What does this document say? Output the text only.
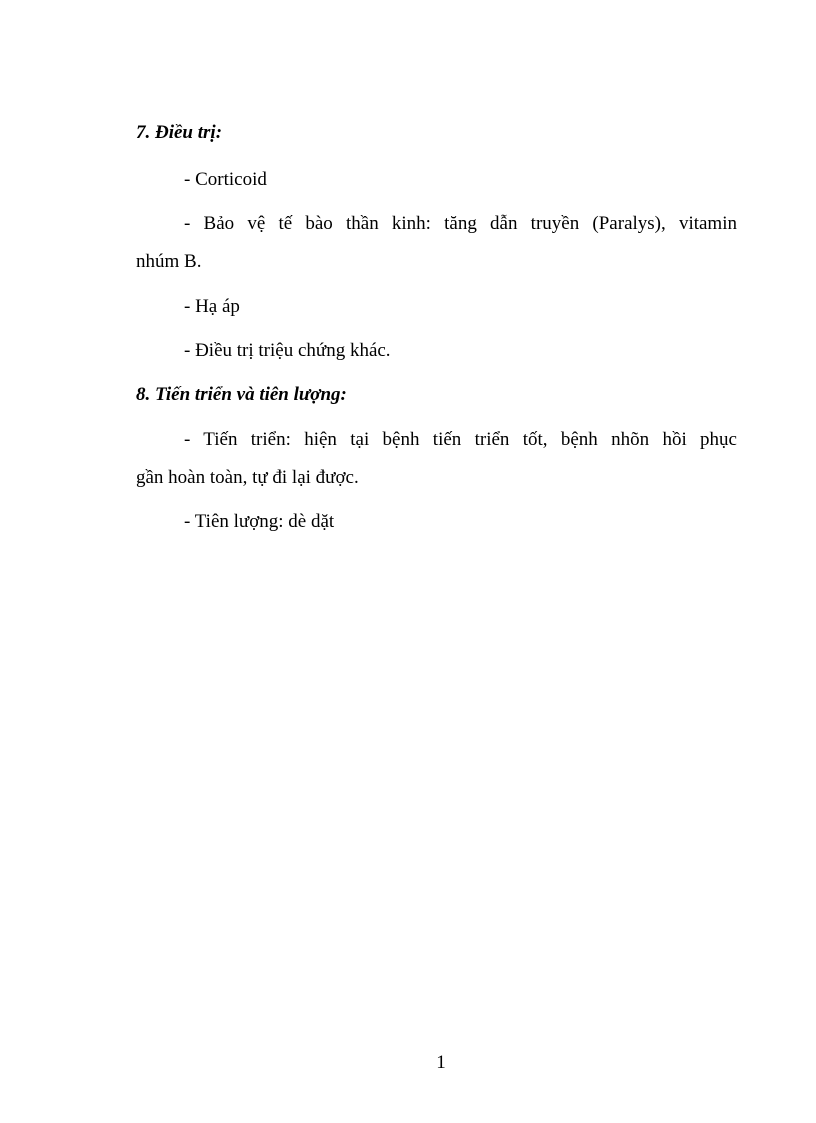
7. Điều trị:

- Corticoid

- Bảo vệ tế bào thần kinh: tăng dẫn truyền (Paralys), vitamin

nhúm B.

- Hạ áp

- Điều trị triệu chứng khác.

8. Tiến triển và tiên lượng:

- Tiến triển: hiện tại bệnh tiến triển tốt, bệnh nhõn hồi phục

gần hoàn toàn, tự đi lại được.

- Tiên lượng: dè dặt

1
